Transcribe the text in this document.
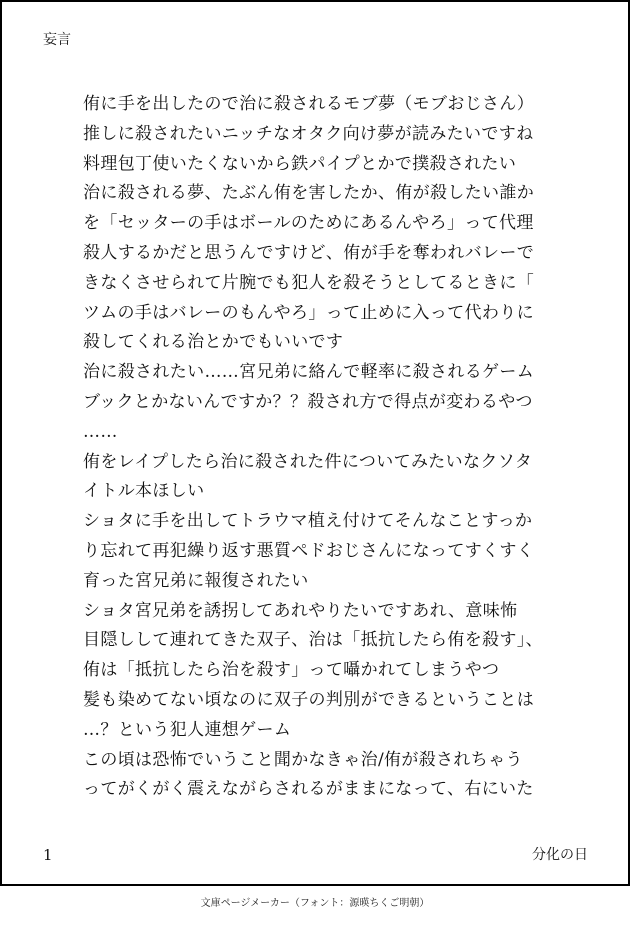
妄言
侑に手を出したので治に殺されるモブ夢（モブおじさん）
推しに殺されたいニッチなオタク向け夢が読みたいですね
料理包丁使いたくないから鉄パイプとかで撲殺されたい
治に殺される夢、たぶん侑を害したか、侑が殺したい誰か
を「セッターの手はボールのためにあるんやろ」って代理
殺人するかだと思うんですけど、侑が手を奪われバレーで
きなくさせられて片腕でも犯人を殺そうとしてるときに「
ツムの手はバレーのもんやろ」って止めに入って代わりに
殺してくれる治とかでもいいです
治に殺されたい……宮兄弟に絡んで軽率に殺されるゲーム
ブックとかないんですか？？殺され方で得点が変わるやつ
……
侑をレイプしたら治に殺された件についてみたいなクソタ
イトル本ほしい
ショタに手を出してトラウマ植え付けてそんなことすっか
り忘れて再犯繰り返す悪質ペドおじさんになってすくすく
育った宮兄弟に報復されたい
ショタ宮兄弟を誘拐してあれやりたいですあれ、意味怖
目隠しして連れてきた双子、治は「抵抗したら侑を殺す」、
侑は「抵抗したら治を殺す」って囁かれてしまうやつ
髪も染めてない頃なのに双子の判別ができるということは
…？という犯人連想ゲーム
この頃は恐怖でいうこと聞かなきゃ治/侑が殺されちゃう
ってがくがく震えながらされるがままになって、右にいた
1	分化の日
文庫ページメーカー（フォント：源暎ちくご明朝）
